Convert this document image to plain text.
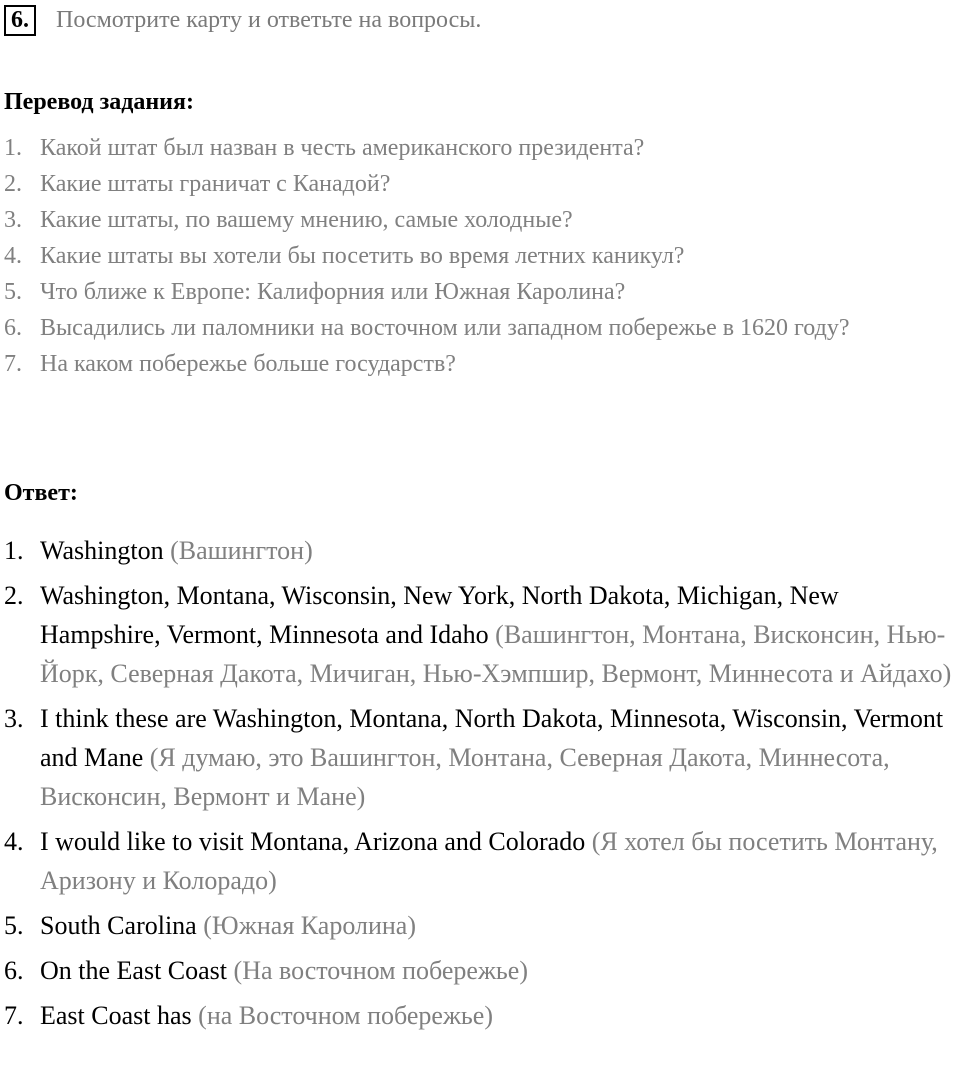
6. Посмотрите карту и ответьте на вопросы.
Перевод задания:
1. Какой штат был назван в честь американского президента?
2. Какие штаты граничат с Канадой?
3. Какие штаты, по вашему мнению, самые холодные?
4. Какие штаты вы хотели бы посетить во время летних каникул?
5. Что ближе к Европе: Калифорния или Южная Каролина?
6. Высадились ли паломники на восточном или западном побережье в 1620 году?
7. На каком побережье больше государств?
Ответ:
1. Washington (Вашингтон)
2. Washington, Montana, Wisconsin, New York, North Dakota, Michigan, New Hampshire, Vermont, Minnesota and Idaho (Вашингтон, Монтана, Висконсин, Нью-Йорк, Северная Дакота, Мичиган, Нью-Хэмпшир, Вермонт, Миннесота и Айдахо)
3. I think these are Washington, Montana, North Dakota, Minnesota, Wisconsin, Vermont and Mane (Я думаю, это Вашингтон, Монтана, Северная Дакота, Миннесота, Висконсин, Вермонт и Мане)
4. I would like to visit Montana, Arizona and Colorado (Я хотел бы посетить Монтану, Аризону и Колорадо)
5. South Carolina (Южная Каролина)
6. On the East Coast (На восточном побережье)
7. East Coast has (на Восточном побережье)
